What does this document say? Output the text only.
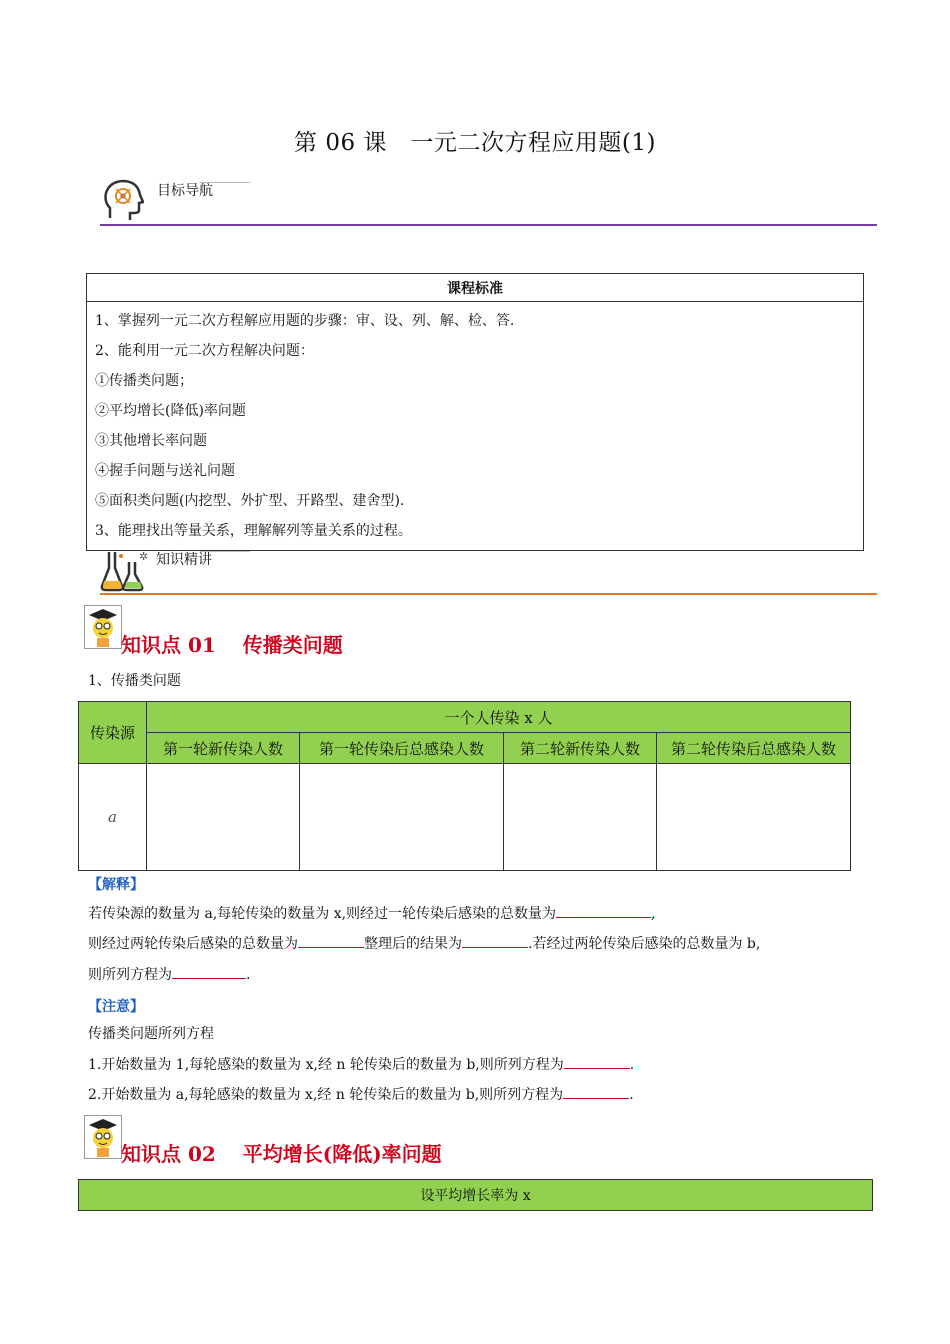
第 06 课　一元二次方程应用题(1)
目标导航
课程标准

1、掌握列一元二次方程解应用题的步骤：审、设、列、解、检、答.
2、能利用一元二次方程解决问题：
①传播类问题；
②平均增长(降低)率问题
③其他增长率问题
④握手问题与送礼问题
⑤面积类问题(内挖型、外扩型、开路型、建舍型).
3、能理找出等量关系，理解解列等量关系的过程。
✲ 知识精讲
知识点 01　 传播类问题
1、传播类问题
传染源	一个人传染 x 人			
	第一轮新传染人数	第一轮传染后总感染人数	第二轮新传染人数	第二轮传染后总感染人数
a				
【解释】
若传染源的数量为 a,每轮传染的数量为 x,则经过一轮传染后感染的总数量为	,
则经过两轮传染后感染的总数量为	整理后的结果为	.若经过两轮传染后感染的总数量为 b,
则所列方程为	.
【注意】
传播类问题所列方程
1.开始数量为 1,每轮感染的数量为 x,经 n 轮传染后的数量为 b,则所列方程为	.
2.开始数量为 a,每轮感染的数量为 x,经 n 轮传染后的数量为 b,则所列方程为	.
知识点 02　 平均增长(降低)率问题
设平均增长率为 x
